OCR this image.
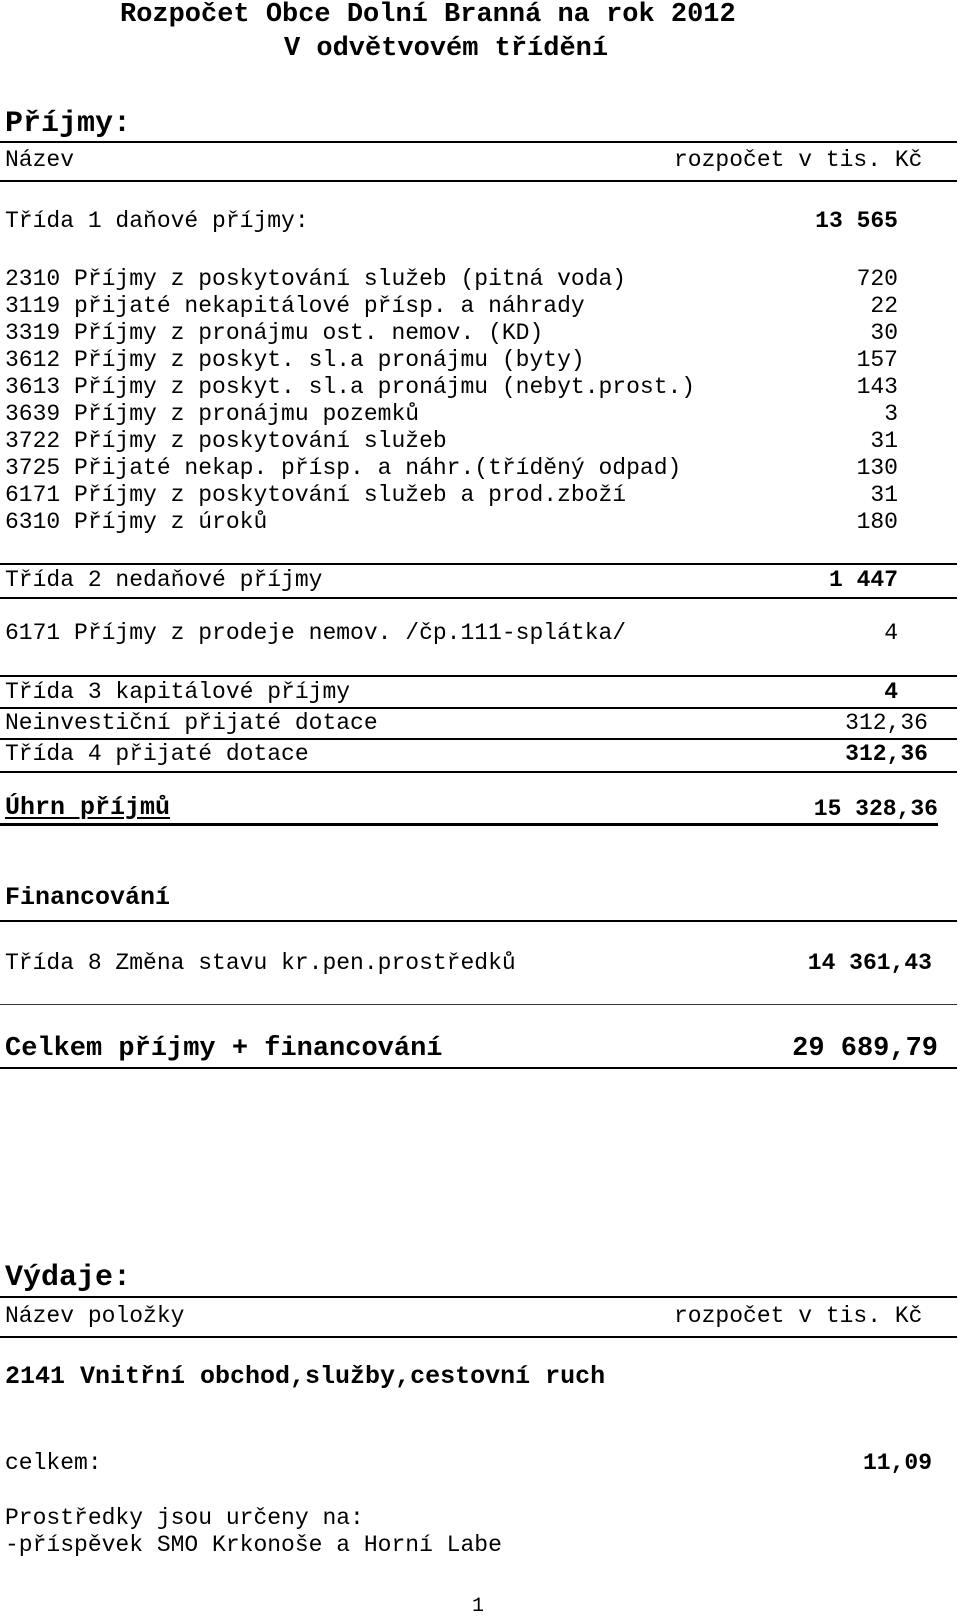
Rozpočet Obce Dolní Branná na rok 2012
V odvětvovém třídění
Příjmy:
Název	rozpočet v tis. Kč
Třída 1 daňové příjmy:	13 565
2310 Příjmy z poskytování služeb (pitná voda)	720
3119 přijaté nekapitálové přísp. a náhrady	22
3319 Příjmy z pronájmu ost. nemov. (KD)	30
3612 Příjmy z poskyt. sl.a pronájmu (byty)	157
3613 Příjmy z poskyt. sl.a pronájmu (nebyt.prost.)	143
3639 Příjmy z pronájmu pozemků	3
3722 Příjmy z poskytování služeb	31
3725 Přijaté nekap. přísp. a náhr.(tříděný odpad)	130
6171 Příjmy z poskytování služeb a prod.zboží	31
6310 Příjmy z úroků	180
Třída 2 nedaňové příjmy	1 447
6171 Příjmy z prodeje nemov. /čp.111-splátka/	4
Třída 3 kapitálové příjmy	4
Neinvestiční přijaté dotace	312,36
Třída 4 přijaté dotace	312,36
Úhrn příjmů	15 328,36
Financování
Třída 8 Změna stavu kr.pen.prostředků	14 361,43
Celkem příjmy + financování	29 689,79
Výdaje:
Název položky	rozpočet v tis. Kč
2141 Vnitřní obchod,služby,cestovní ruch
celkem:	11,09
Prostředky jsou určeny na:
-příspěvek SMO Krkonoše a Horní Labe
1
